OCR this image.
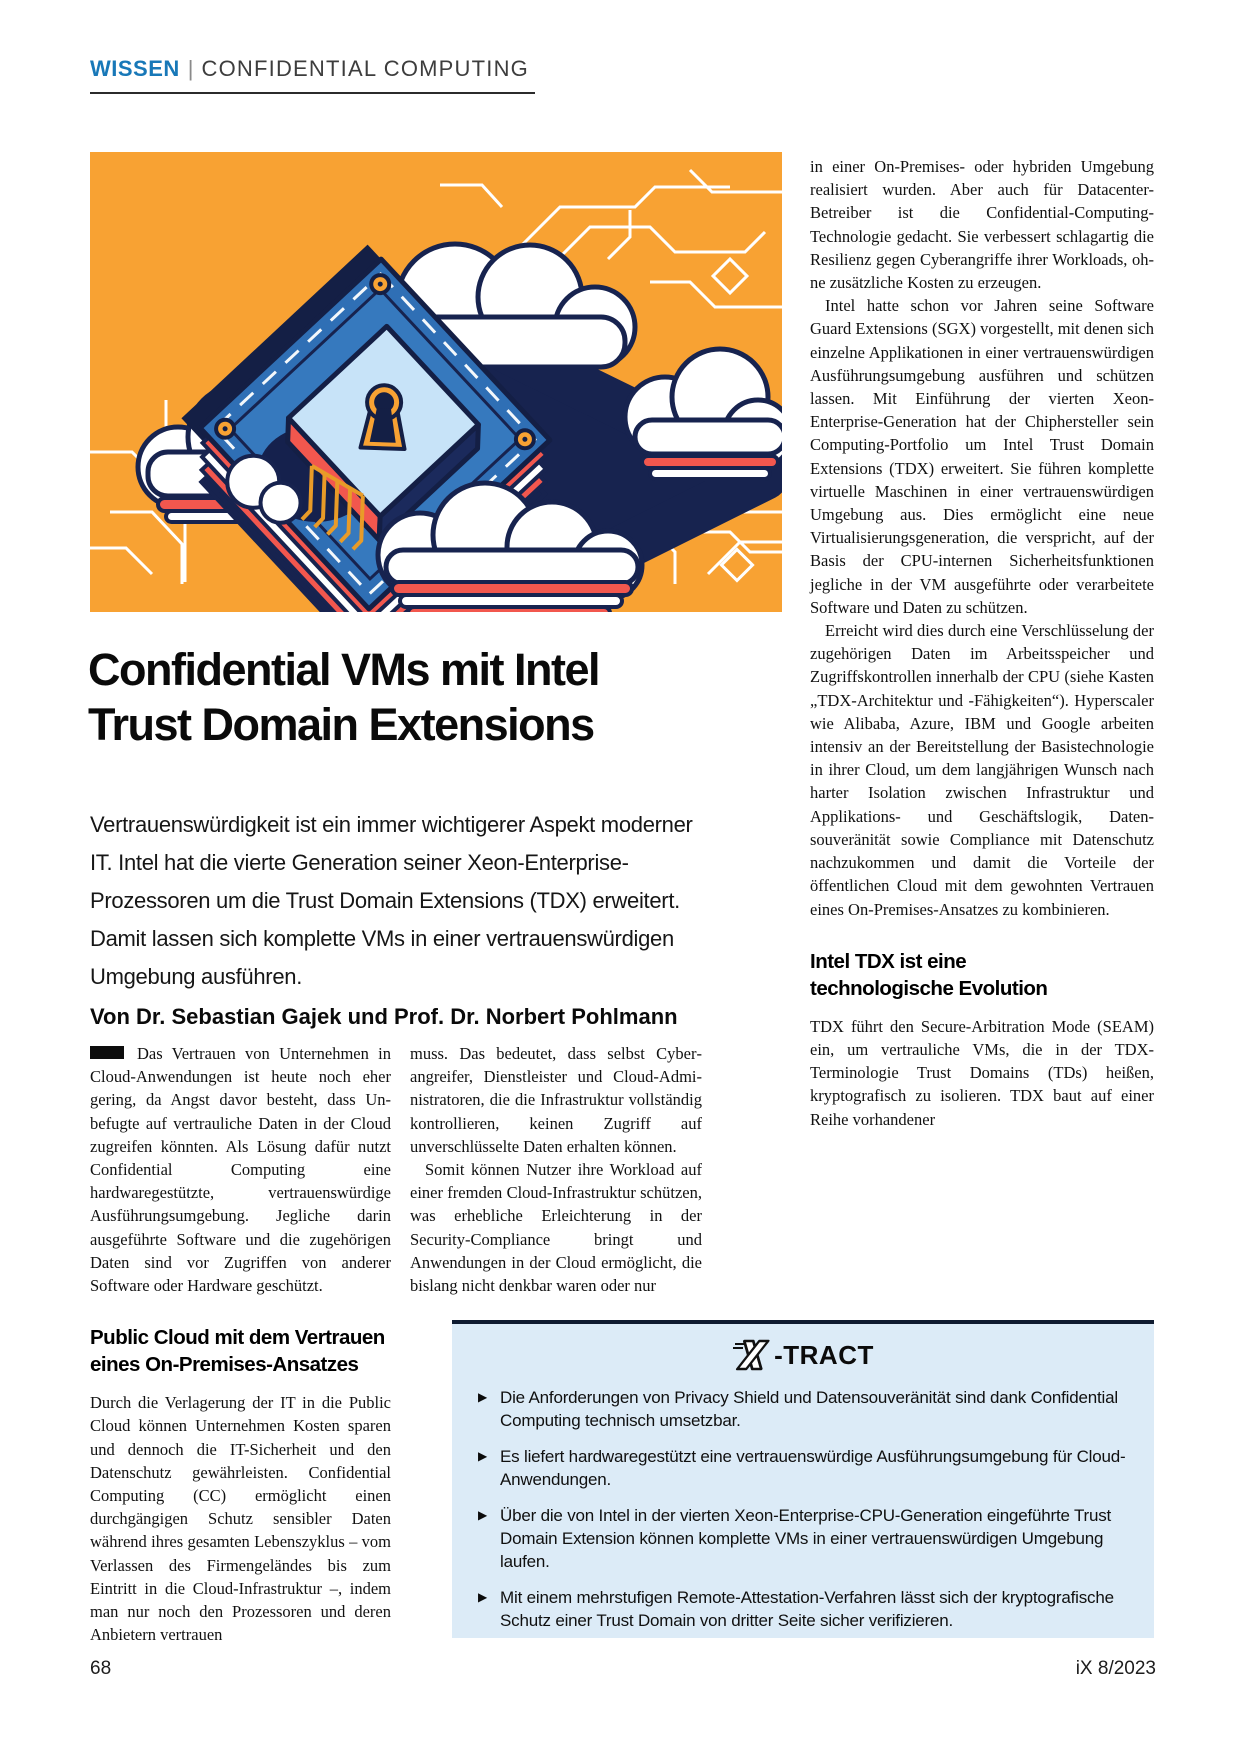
WISSEN | CONFIDENTIAL COMPUTING
Confidential VMs mit Intel
Trust Domain Extensions

Vertrauenswürdigkeit ist ein immer wichtigerer Aspekt moderner IT. Intel hat die vierte Generation seiner Xeon-Enterprise-Prozessoren um die Trust Domain Extensions (TDX) erweitert. Damit lassen sich komplette VMs in einer vertrauenswürdigen Umgebung ausführen.

Von Dr. Sebastian Gajek und Prof. Dr. Norbert Pohlmann

Das Vertrauen von Unternehmen in Cloud-Anwendungen ist heute noch eher gering, da Angst davor besteht, dass Unbefugte auf vertrauliche Daten in der Cloud zugreifen könnten. Als Lösung dafür nutzt Confidential Computing eine hardwaregestützte, vertrauenswürdige Ausführungsumgebung. Jegliche darin ausgeführte Software und die zugehörigen Daten sind vor Zugriffen von anderer Software oder Hardware geschützt.

Public Cloud mit dem Vertrauen
eines On-Premises-Ansatzes

Durch die Verlagerung der IT in die Public Cloud können Unternehmen Kosten sparen und dennoch die IT-Sicherheit und den Datenschutz gewährleisten. Confidential Computing (CC) ermöglicht einen durchgängigen Schutz sensibler Daten während ihres gesamten Lebenszyklus – vom Verlassen des Firmengeländes bis zum Eintritt in die Cloud-Infrastruktur –, indem man nur noch den Prozessoren und deren Anbietern vertrauen

muss. Das bedeutet, dass selbst Cyberangreifer, Dienstleister und Cloud-Administratoren, die die Infrastruktur vollständig kontrollieren, keinen Zugriff auf unverschlüsselte Daten erhalten können.

Somit können Nutzer ihre Workload auf einer fremden Cloud-Infrastruktur schützen, was erhebliche Erleichterung in der Security-Compliance bringt und Anwendungen in der Cloud ermöglicht, die bislang nicht denkbar waren oder nur

in einer On-Premises- oder hybriden Umgebung realisiert wurden. Aber auch für Datacenter-Betreiber ist die Confidential-Computing-Technologie gedacht. Sie verbessert schlagartig die Resilienz gegen Cyberangriffe ihrer Workloads, ohne zusätzliche Kosten zu erzeugen.

Intel hatte schon vor Jahren seine Software Guard Extensions (SGX) vorgestellt, mit denen sich einzelne Applikationen in einer vertrauenswürdigen Ausführungsumgebung ausführen und schützen lassen. Mit Einführung der vierten Xeon-Enterprise-Generation hat der Chiphersteller sein Computing-Portfolio um Intel Trust Domain Extensions (TDX) erweitert. Sie führen komplette virtuelle Maschinen in einer vertrauenswürdigen Umgebung aus. Dies ermöglicht eine neue Virtualisierungsgeneration, die verspricht, auf der Basis der CPU-internen Sicherheitsfunktionen jegliche in der VM ausgeführte oder verarbeitete Software und Daten zu schützen.

Erreicht wird dies durch eine Verschlüsselung der zugehörigen Daten im Arbeitsspeicher und Zugriffskontrollen innerhalb der CPU (siehe Kasten „TDX-Architektur und -Fähigkeiten“). Hyperscaler wie Alibaba, Azure, IBM und Google arbeiten intensiv an der Bereitstellung der Basistechnologie in ihrer Cloud, um dem langjährigen Wunsch nach harter Isolation zwischen Infrastruktur und Applikations- und Geschäftslogik, Datensouveränität sowie Compliance mit Datenschutz nachzukommen und damit die Vorteile der öffentlichen Cloud mit dem gewohnten Vertrauen eines On-Premises-Ansatzes zu kombinieren.

Intel TDX ist eine
technologische Evolution

TDX führt den Secure-Arbitration Mode (SEAM) ein, um vertrauliche VMs, die in der TDX-Terminologie Trust Domains (TDs) heißen, kryptografisch zu isolieren. TDX baut auf einer Reihe vorhandener

-TRACT
▶ Die Anforderungen von Privacy Shield und Datensouveränität sind dank Confidential Computing technisch umsetzbar.
▶ Es liefert hardwaregestützt eine vertrauenswürdige Ausführungsumgebung für Cloud-Anwendungen.
▶ Über die von Intel in der vierten Xeon-Enterprise-CPU-Generation eingeführte Trust Domain Extension können komplette VMs in einer vertrauenswürdigen Umgebung laufen.
▶ Mit einem mehrstufigen Remote-Attestation-Verfahren lässt sich der kryptografische Schutz einer Trust Domain von dritter Seite sicher verifizieren.
68	iX 8/2023
